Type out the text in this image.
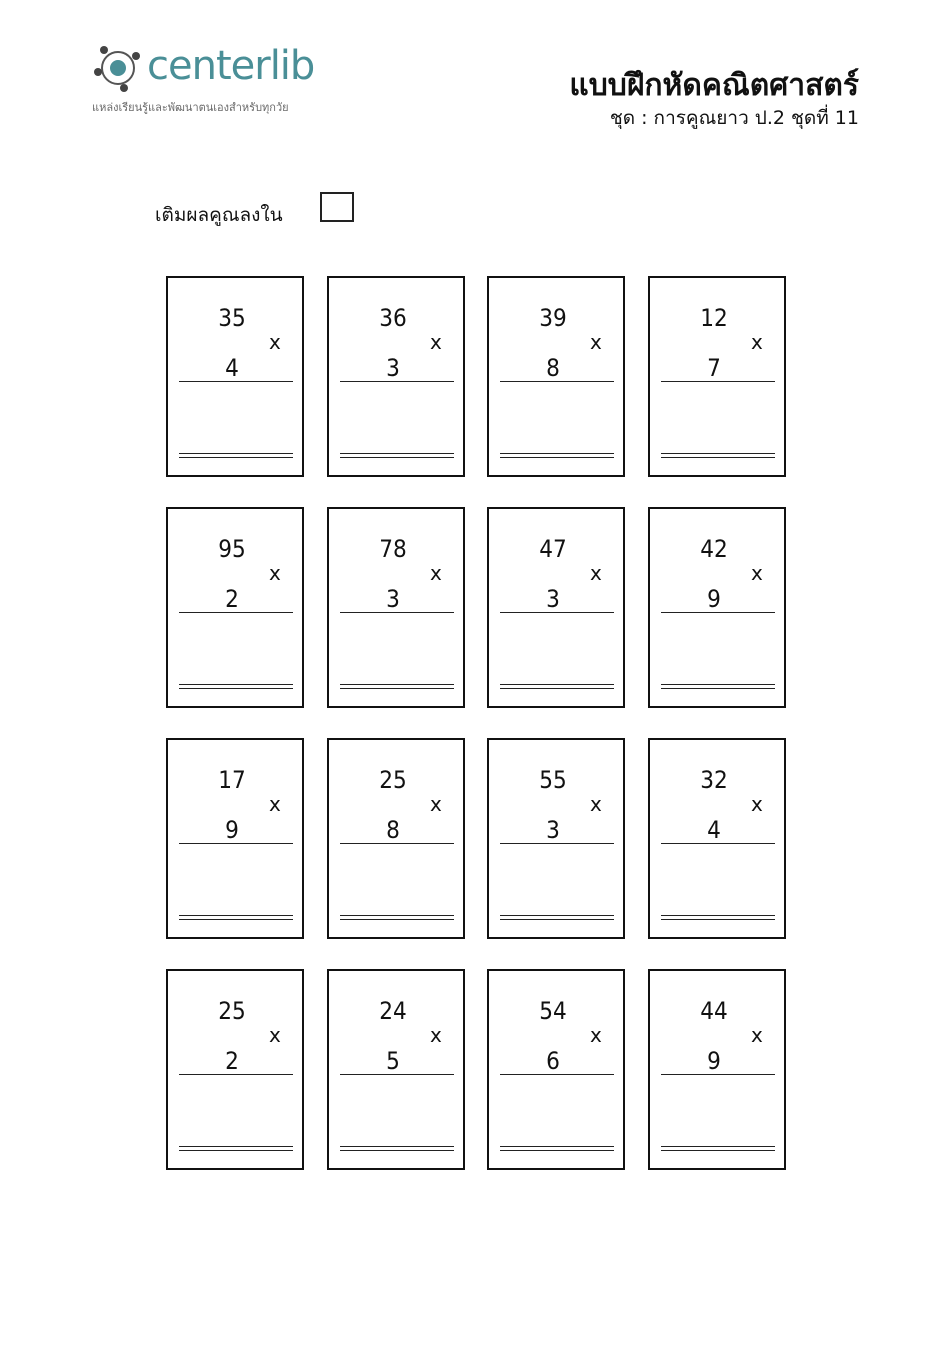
centerlib
แหล่งเรียนรู้และพัฒนาตนเองสำหรับทุกวัย
แบบฝึกหัดคณิตศาสตร์
ชุด : การคูณยาว ป.2 ชุดที่ 11
เติมผลคูณลงใน
35
x
4
36
x
3
39
x
8
12
x
7
95
x
2
78
x
3
47
x
3
42
x
9
17
x
9
25
x
8
55
x
3
32
x
4
25
x
2
24
x
5
54
x
6
44
x
9
